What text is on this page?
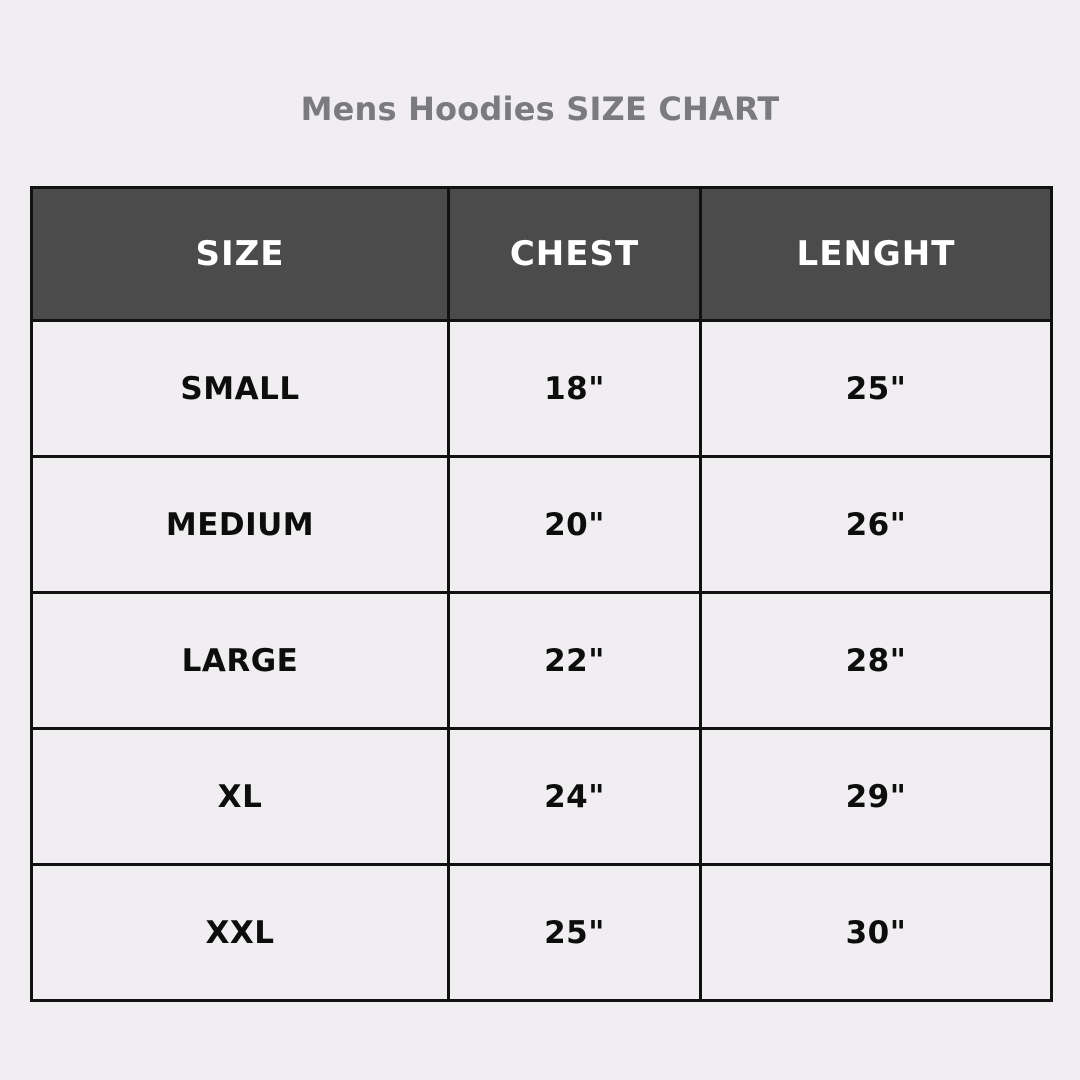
Mens Hoodies SIZE CHART
SIZE	CHEST	LENGHT
SMALL	18"	25"
MEDIUM	20"	26"
LARGE	22"	28"
XL	24"	29"
XXL	25"	30"
